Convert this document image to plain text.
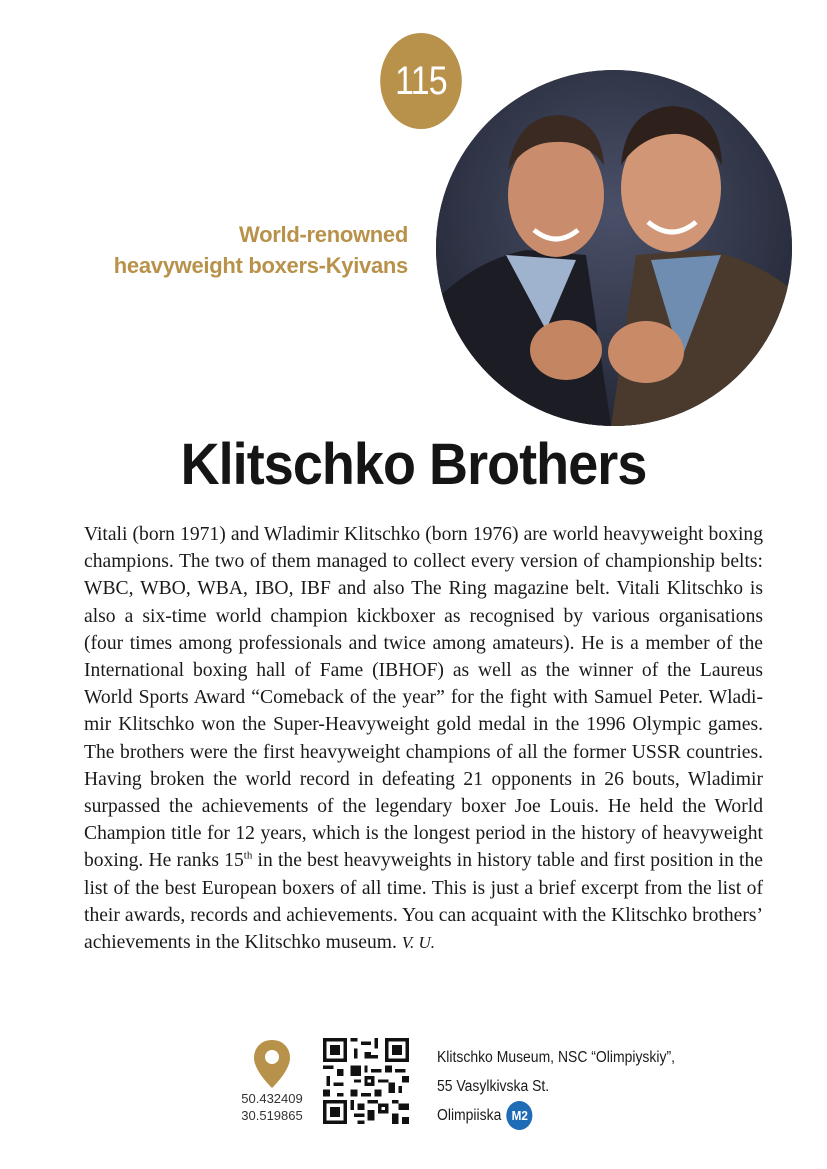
115
World-renowned
heavyweight boxers-Kyivans
Klitschko Brothers

Vitali (born 1971) and Wladimir Klitschko (born 1976) are world heavyweight boxing champions. The two of them managed to collect every version of championship belts: WBC, WBO, WBA, IBO, IBF and also The Ring magazine belt. Vitali Klitschko is also a six-time world champion kickboxer as recognised by various organisations (four times among professionals and twice among amateurs). He is a member of the International boxing hall of Fame (IBHOF) as well as the winner of the Laureus World Sports Award “Comeback of the year” for the fight with Samuel Peter. Wladimir Klitschko won the Super-Heavyweight gold medal in the 1996 Olympic games. The brothers were the first heavyweight champions of all the former USSR countries. Having broken the world record in defeating 21 opponents in 26 bouts, Wladimir surpassed the achievements of the legendary boxer Joe Louis. He held the World Champion title for 12 years, which is the longest period in the history of heavyweight boxing. He ranks 15th in the best heavyweights in history table and first position in the list of the best European boxers of all time. This is just a brief excerpt from the list of their awards, records and achievements. You can acquaint with the Klitschko brothers’ achievements in the Klitschko museum. V. U.

50.432409
30.519865
Klitschko Museum, NSC “Olimpiyskiy”,
55 Vasylkivska St.
Olimpiiska M2
